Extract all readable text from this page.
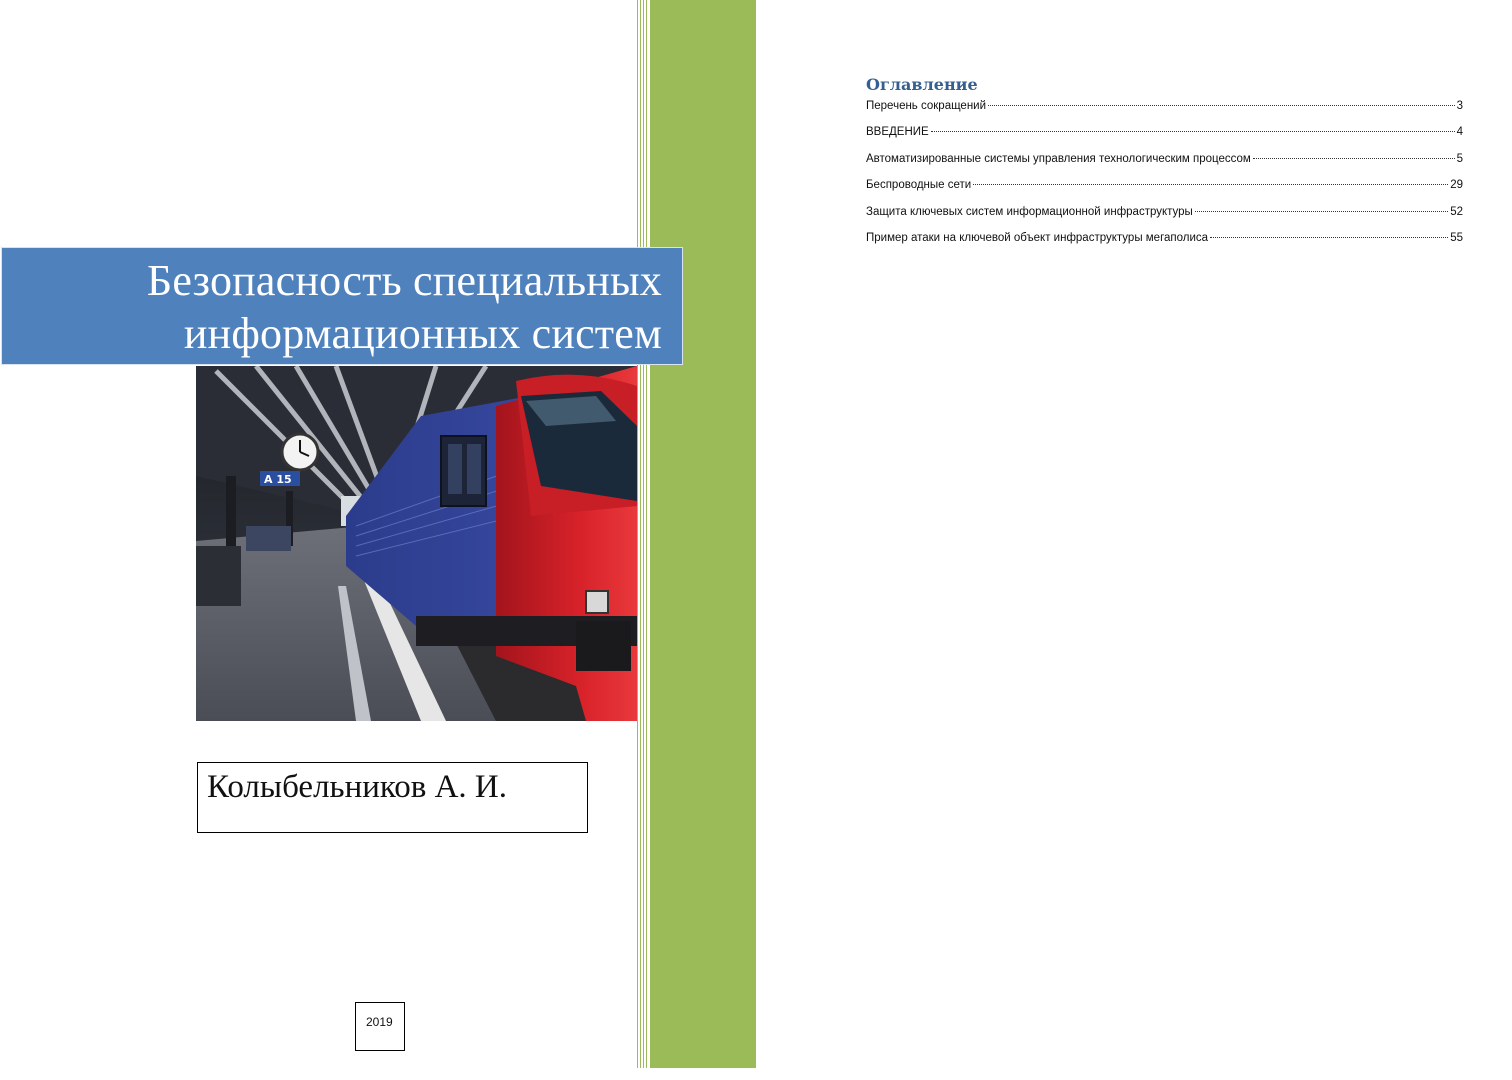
Безопасность специальных
информационных систем
A 15

Колыбельников А. И.

2019
Оглавление
Перечень сокращений	3
ВВЕДЕНИЕ	4
Автоматизированные системы управления технологическим процессом	5
Беспроводные сети	29
Защита ключевых систем информационной инфраструктуры	52
Пример атаки на ключевой объект инфраструктуры мегаполиса	55
